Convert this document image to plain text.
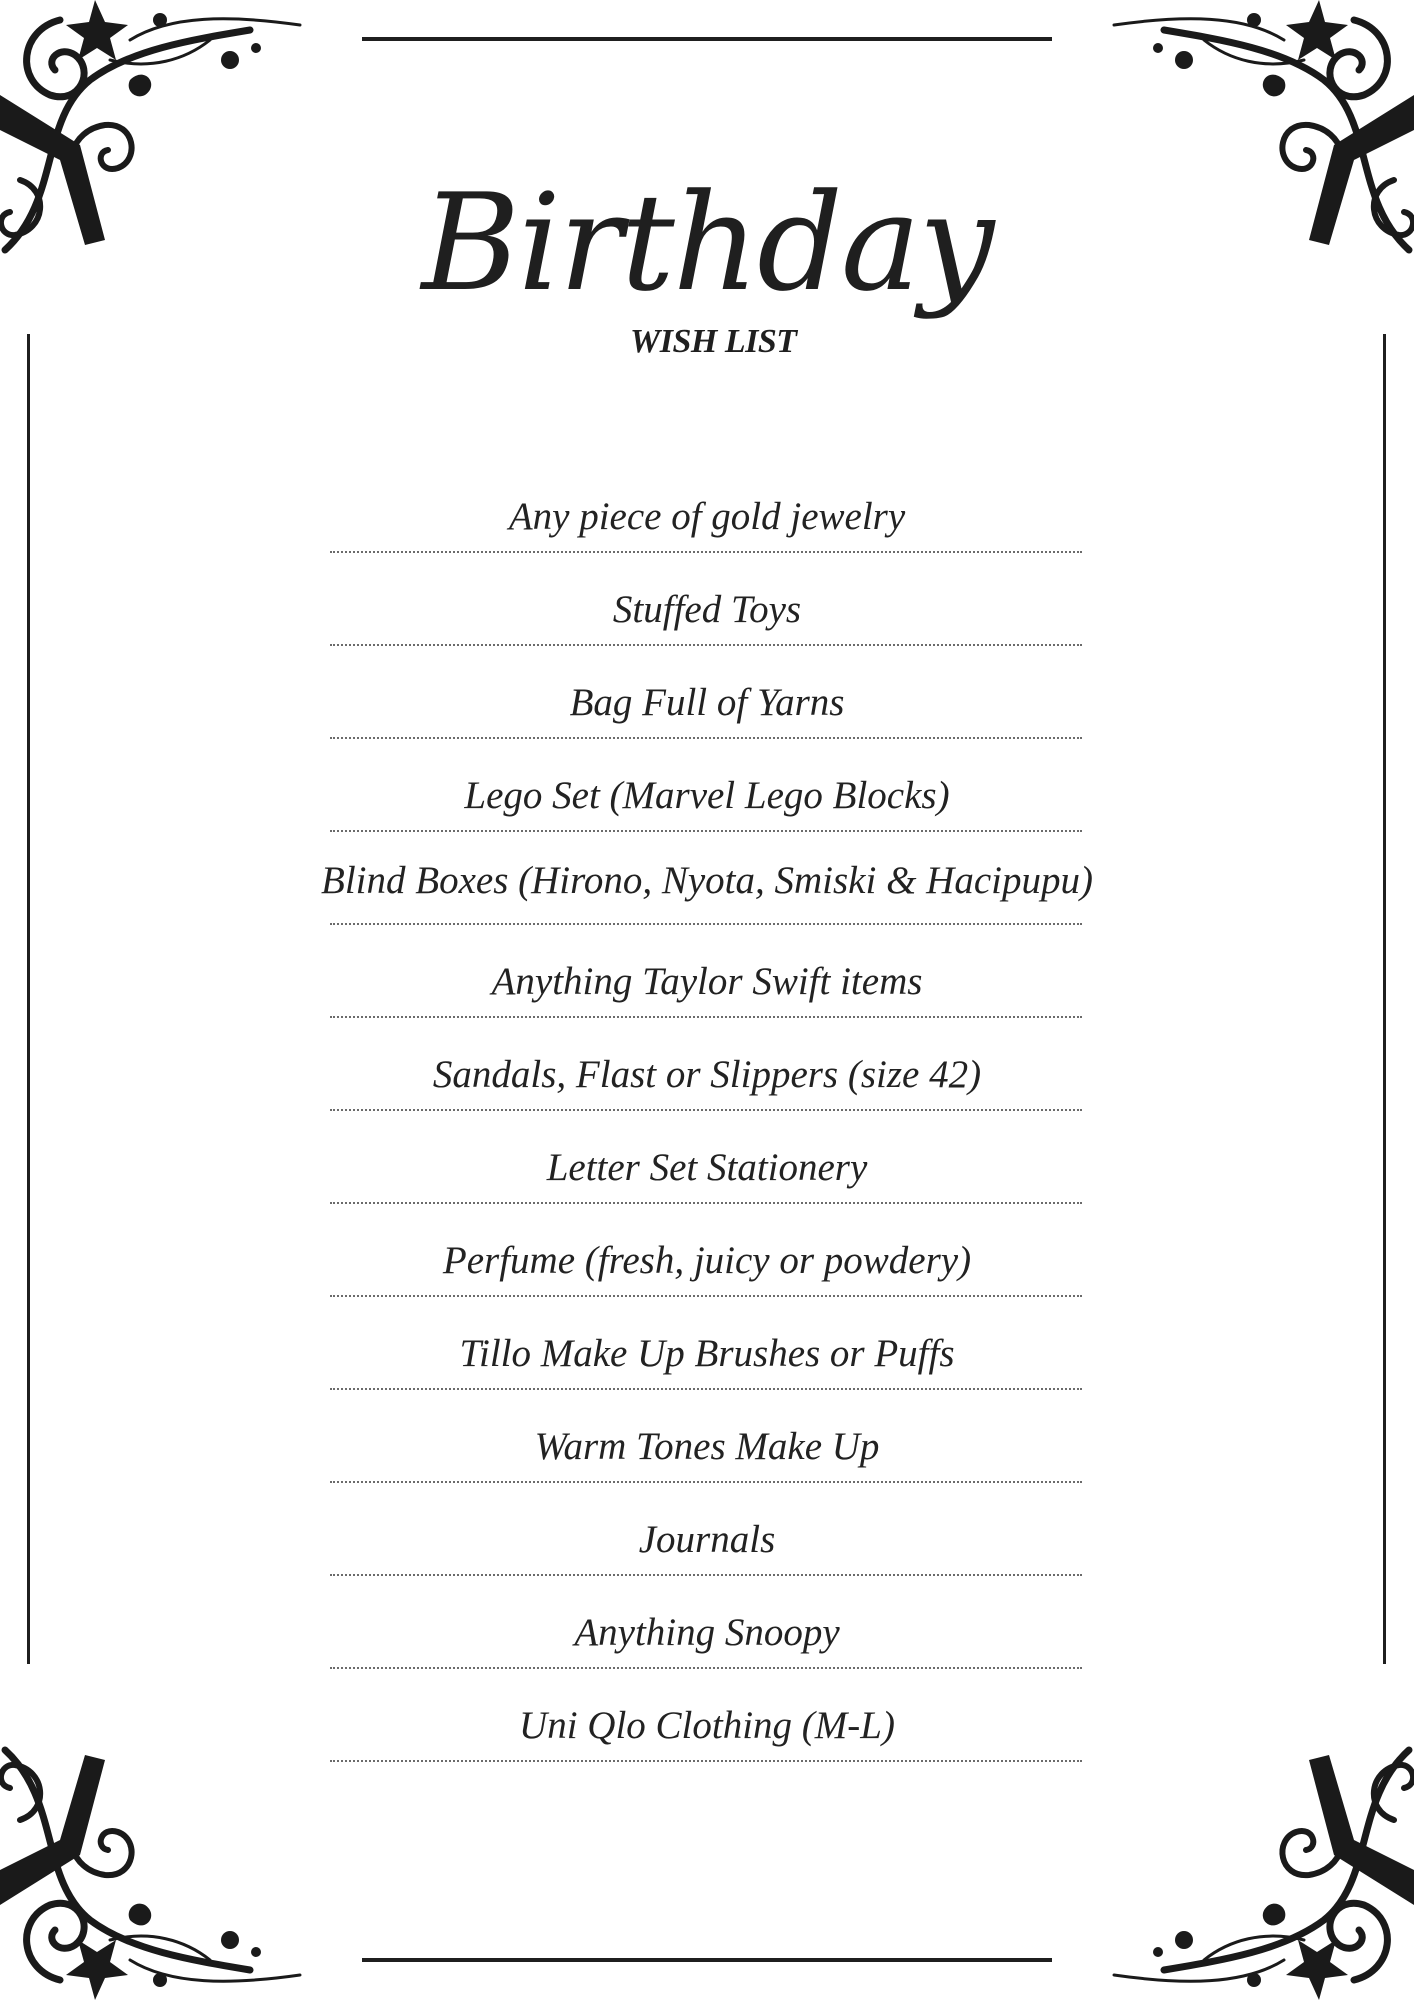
Birthday
WISH LIST
Any piece of gold jewelry
Stuffed Toys
Bag Full of Yarns
Lego Set (Marvel Lego Blocks)
Blind Boxes (Hirono, Nyota, Smiski & Hacipupu)
Anything Taylor Swift items
Sandals, Flast or Slippers (size 42)
Letter Set Stationery
Perfume (fresh, juicy or powdery)
Tillo Make Up Brushes or Puffs
Warm Tones Make Up
Journals
Anything Snoopy
Uni Qlo Clothing (M-L)
